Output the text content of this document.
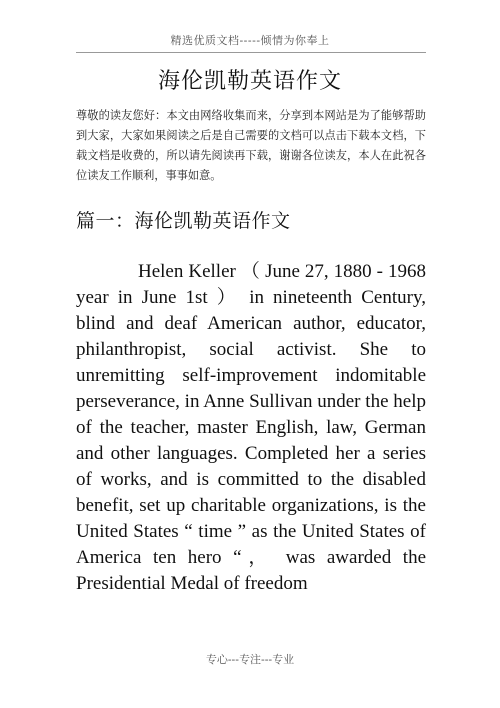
精选优质文档-----倾情为你奉上
海伦凯勒英语作文
尊敬的读友您好：本文由网络收集而来，分享到本网站是为了能够帮助到大家，大家如果阅读之后是自己需要的文档可以点击下载本文档，下载文档是收费的，所以请先阅读再下载，谢谢各位读友，本人在此祝各位读友工作顺利，事事如意。
篇一：海伦凯勒英语作文
Helen Keller （ June 27, 1880 - 1968 year in June 1st ） in nineteenth Century, blind and deaf American author, educator, philanthropist, social activist. She to unremitting self-improvement indomitable perseverance, in Anne Sullivan under the help of the teacher, master English, law, German and other languages. Completed her a series of works, and is committed to the disabled benefit, set up charitable organizations, is the United States “ time ” as the United States of America ten hero “， was awarded the Presidential Medal of freedom
专心---专注---专业
